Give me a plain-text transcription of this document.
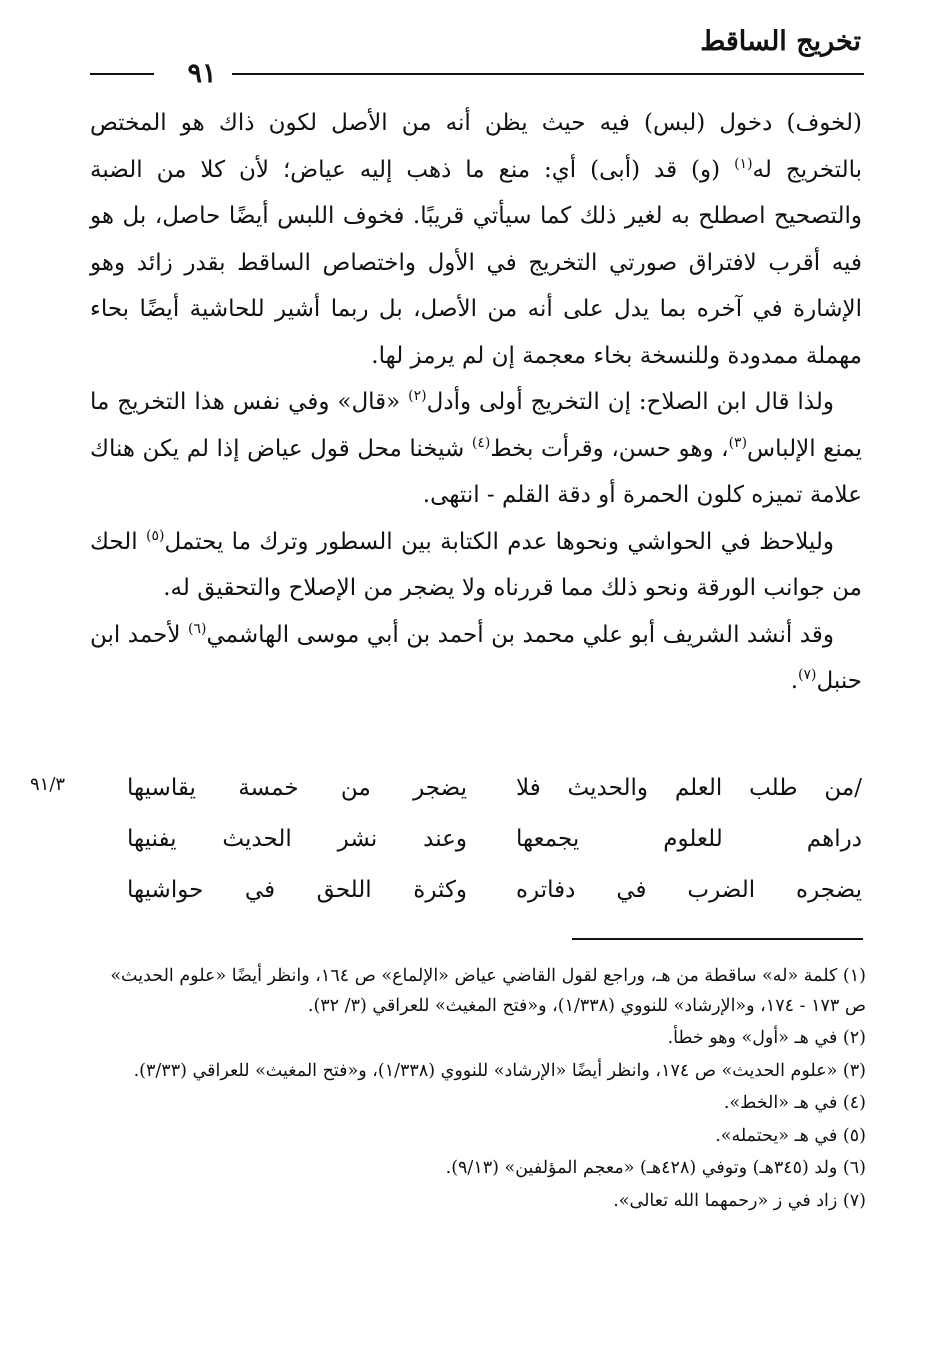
تخريج الساقط
٩١

(لخوف) دخول (لبس) فيه حيث يظن أنه من الأصل لكون ذاك هو المختص بالتخريج له$^{(١)}$ (و) قد (أبى) أي: منع ما ذهب إليه عياض؛ لأن كلا من الضبة والتصحيح اصطلح به لغير ذلك كما سيأتي قريبًا. فخوف اللبس أيضًا حاصل، بل هو فيه أقرب لافتراق صورتي التخريج في الأول واختصاص الساقط بقدر زائد وهو الإشارة في آخره بما يدل على أنه من الأصل، بل ربما أشير للحاشية أيضًا بحاء مهملة ممدودة وللنسخة بخاء معجمة إن لم يرمز لها.

ولذا قال ابن الصلاح: إن التخريج أولى وأدل$^{(٢)}$ «قال» وفي نفس هذا التخريج ما يمنع الإلباس$^{(٣)}$، وهو حسن، وقرأت بخط$^{(٤)}$ شيخنا محل قول عياض إذا لم يكن هناك علامة تميزه كلون الحمرة أو دقة القلم - انتهى.

وليلاحظ في الحواشي ونحوها عدم الكتابة بين السطور وترك ما يحتمل$^{(٥)}$ الحك من جوانب الورقة ونحو ذلك مما قررناه ولا يضجر من الإصلاح والتحقيق له.

وقد أنشد الشريف أبو علي محمد بن أحمد بن أبي موسى الهاشمي$^{(٦)}$ لأحمد ابن حنبل$^{(٧)}$.

٩١/٣	/من طلب العلم والحديث فلا
يضجر من خمسة يقاسيها
دراهم للعلوم يجمعها
وعند نشر الحديث يفنيها
يضجره الضرب في دفاتره
وكثرة اللحق في حواشيها

(١) كلمة «له» ساقطة من هـ، وراجع لقول القاضي عياض «الإلماع» ص ١٦٤، وانظر أيضًا «علوم الحديث» ص ١٧٣ - ١٧٤، و«الإرشاد» للنووي (١/٣٣٨)، و«فتح المغيث» للعراقي (٣/ ٣٢).

(٢) في هـ «أول» وهو خطأ.

(٣) «علوم الحديث» ص ١٧٤، وانظر أيضًا «الإرشاد» للنووي (١/٣٣٨)، و«فتح المغيث» للعراقي (٣/٣٣).

(٤) في هـ «الخط».

(٥) في هـ «يحتمله».

(٦) ولد (٣٤٥هـ) وتوفي (٤٢٨هـ) «معجم المؤلفين» (٩/١٣).

(٧) زاد في ز «رحمهما الله تعالى».
